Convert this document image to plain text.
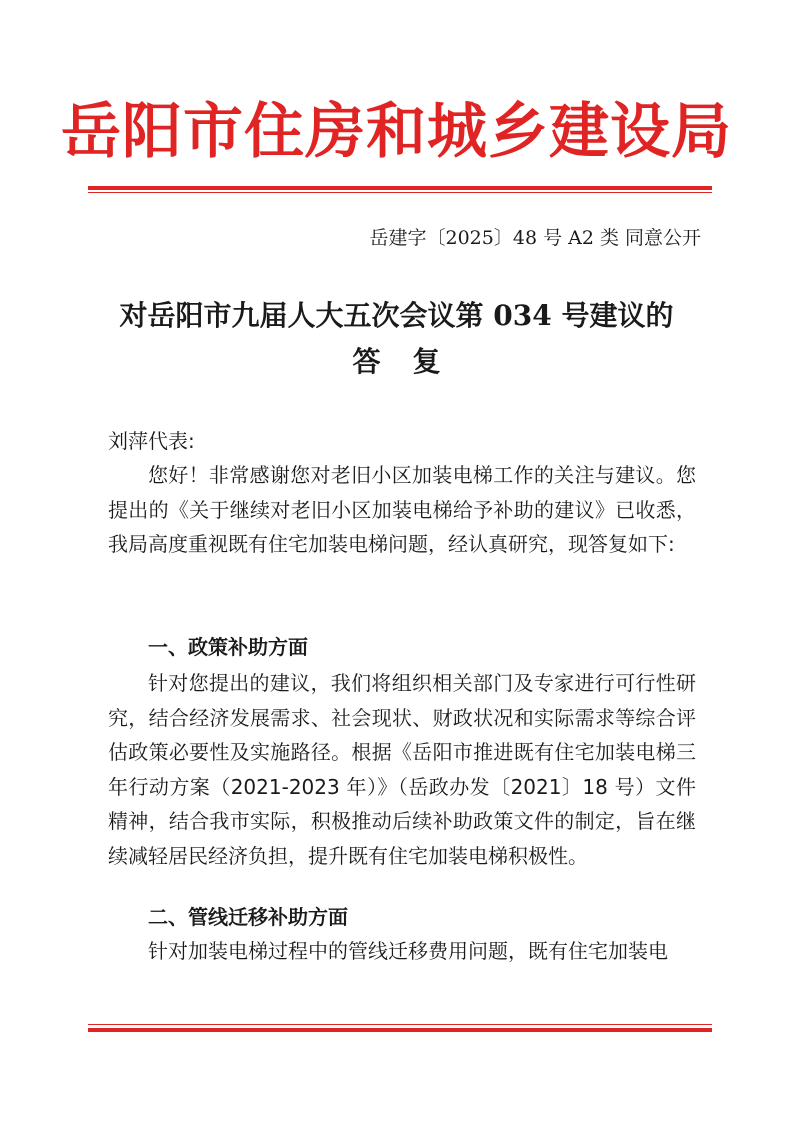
岳阳市住房和城乡建设局
岳建字〔2025〕48 号 A2 类 同意公开
对岳阳市九届人大五次会议第 034 号建议的
答复
刘萍代表:

您好！非常感谢您对老旧小区加装电梯工作的关注与建议。您提出的《关于继续对老旧小区加装电梯给予补助的建议》已收悉，我局高度重视既有住宅加装电梯问题，经认真研究，现答复如下:

一、政策补助方面

针对您提出的建议，我们将组织相关部门及专家进行可行性研究，结合经济发展需求、社会现状、财政状况和实际需求等综合评估政策必要性及实施路径。根据《岳阳市推进既有住宅加装电梯三年行动方案（2021-2023 年）》（岳政办发〔2021〕18 号）文件精神，结合我市实际，积极推动后续补助政策文件的制定，旨在继续减轻居民经济负担，提升既有住宅加装电梯积极性。

二、管线迁移补助方面

针对加装电梯过程中的管线迁移费用问题，既有住宅加装电
